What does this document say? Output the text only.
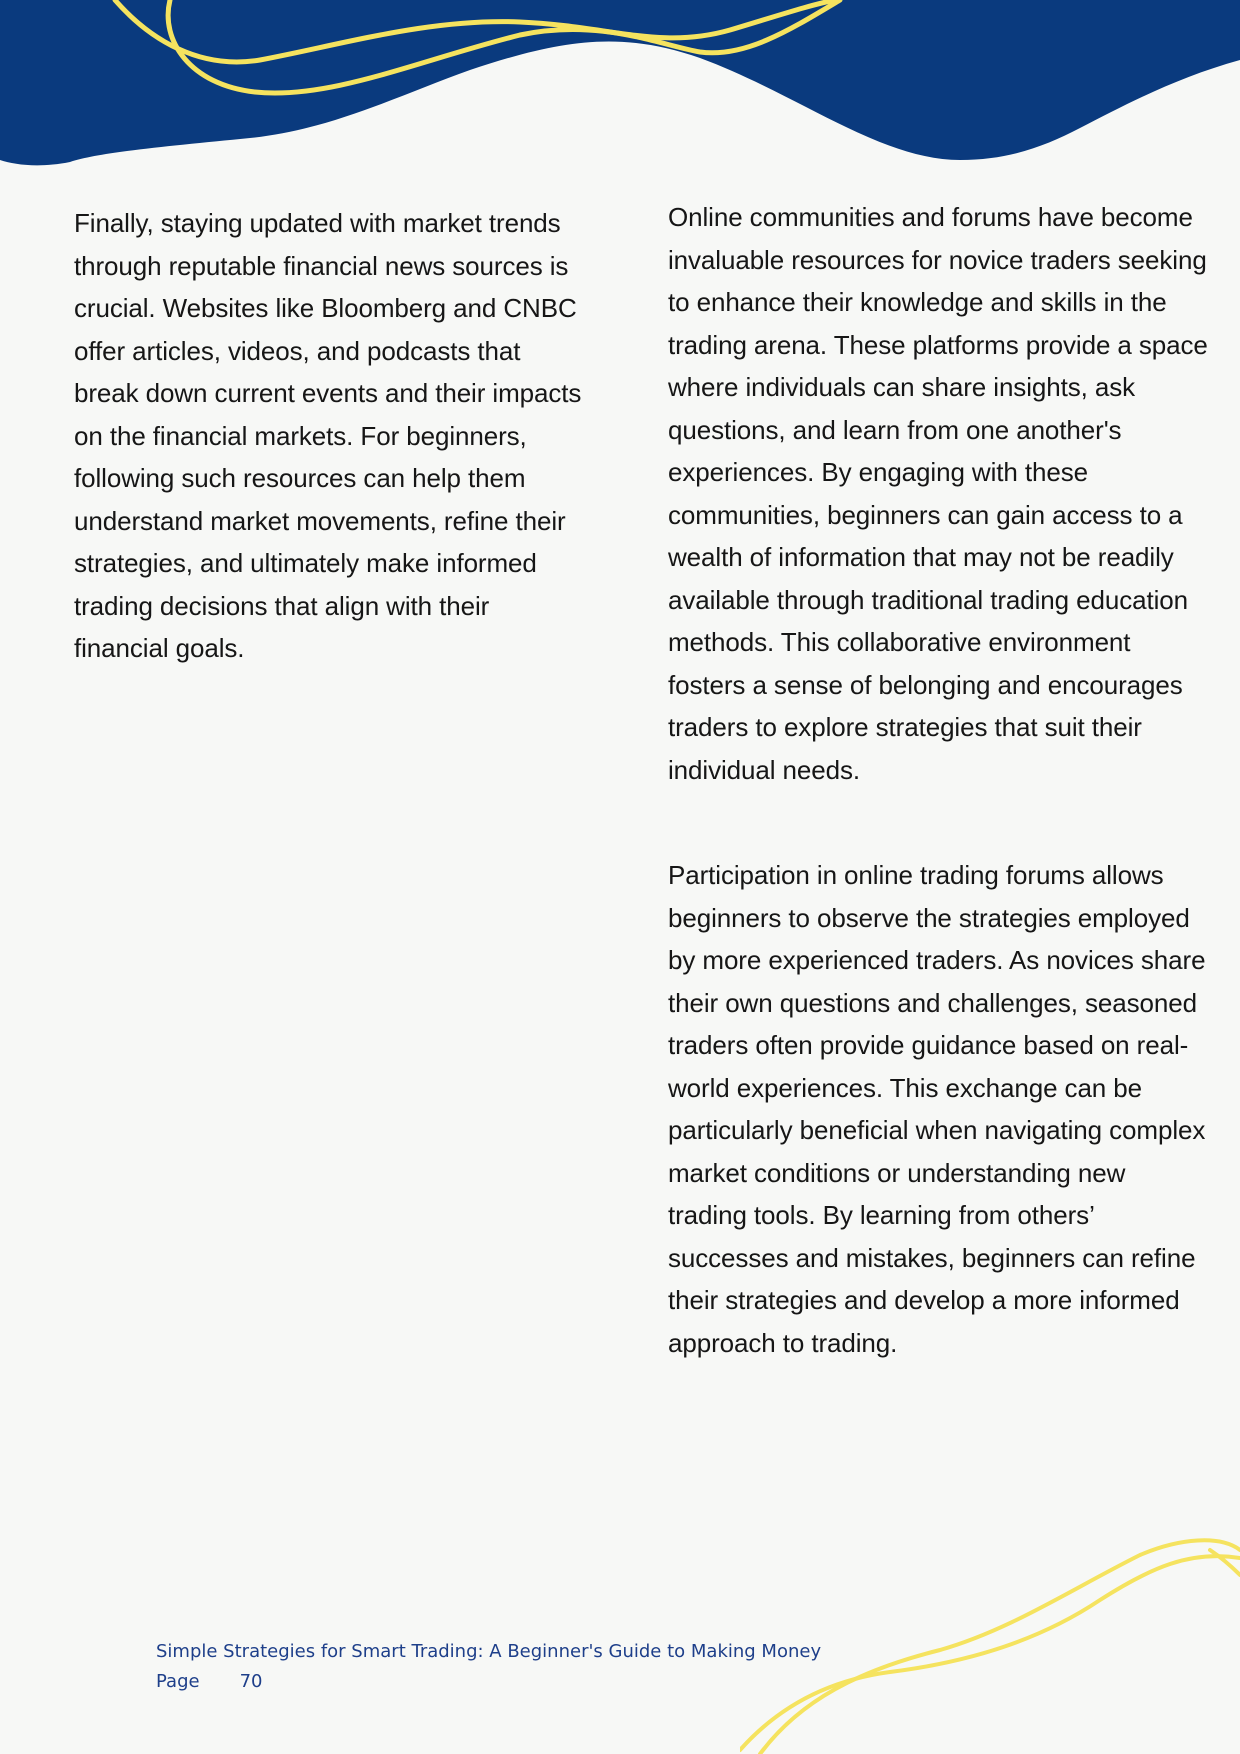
Finally, staying updated with market trends through reputable financial news sources is crucial. Websites like Bloomberg and CNBC offer articles, videos, and podcasts that break down current events and their impacts on the financial markets. For beginners, following such resources can help them understand market movements, refine their strategies, and ultimately make informed trading decisions that align with their financial goals.

Online communities and forums have become invaluable resources for novice traders seeking to enhance their knowledge and skills in the trading arena. These platforms provide a space where individuals can share insights, ask questions, and learn from one another's experiences. By engaging with these communities, beginners can gain access to a wealth of information that may not be readily available through traditional trading education methods. This collaborative environment fosters a sense of belonging and encourages traders to explore strategies that suit their individual needs.

Participation in online trading forums allows beginners to observe the strategies employed by more experienced traders. As novices share their own questions and challenges, seasoned traders often provide guidance based on real-world experiences. This exchange can be particularly beneficial when navigating complex market conditions or understanding new trading tools. By learning from others’ successes and mistakes, beginners can refine their strategies and develop a more informed approach to trading.

Simple Strategies for Smart Trading: A Beginner's Guide to Making Money
Page 70
